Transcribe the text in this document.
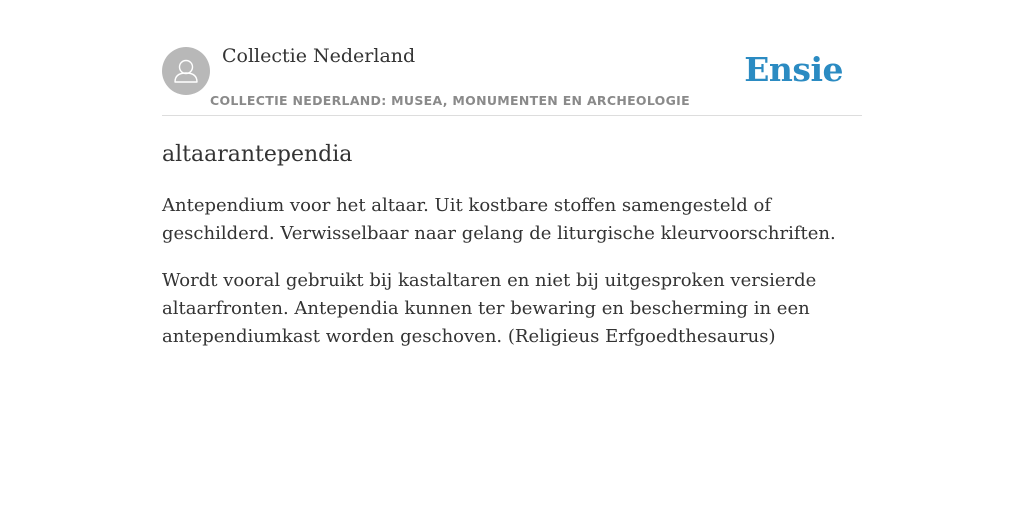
Collectie Nederland
COLLECTIE NEDERLAND: MUSEA, MONUMENTEN EN ARCHEOLOGIE
Ensie
altaarantependia

Antependium voor het altaar. Uit kostbare stoffen samengesteld of geschilderd. Verwisselbaar naar gelang de liturgische kleurvoorschriften.

Wordt vooral gebruikt bij kastaltaren en niet bij uitgesproken versierde altaarfronten. Antependia kunnen ter bewaring en bescherming in een antependiumkast worden geschoven. (Religieus Erfgoedthesaurus)
